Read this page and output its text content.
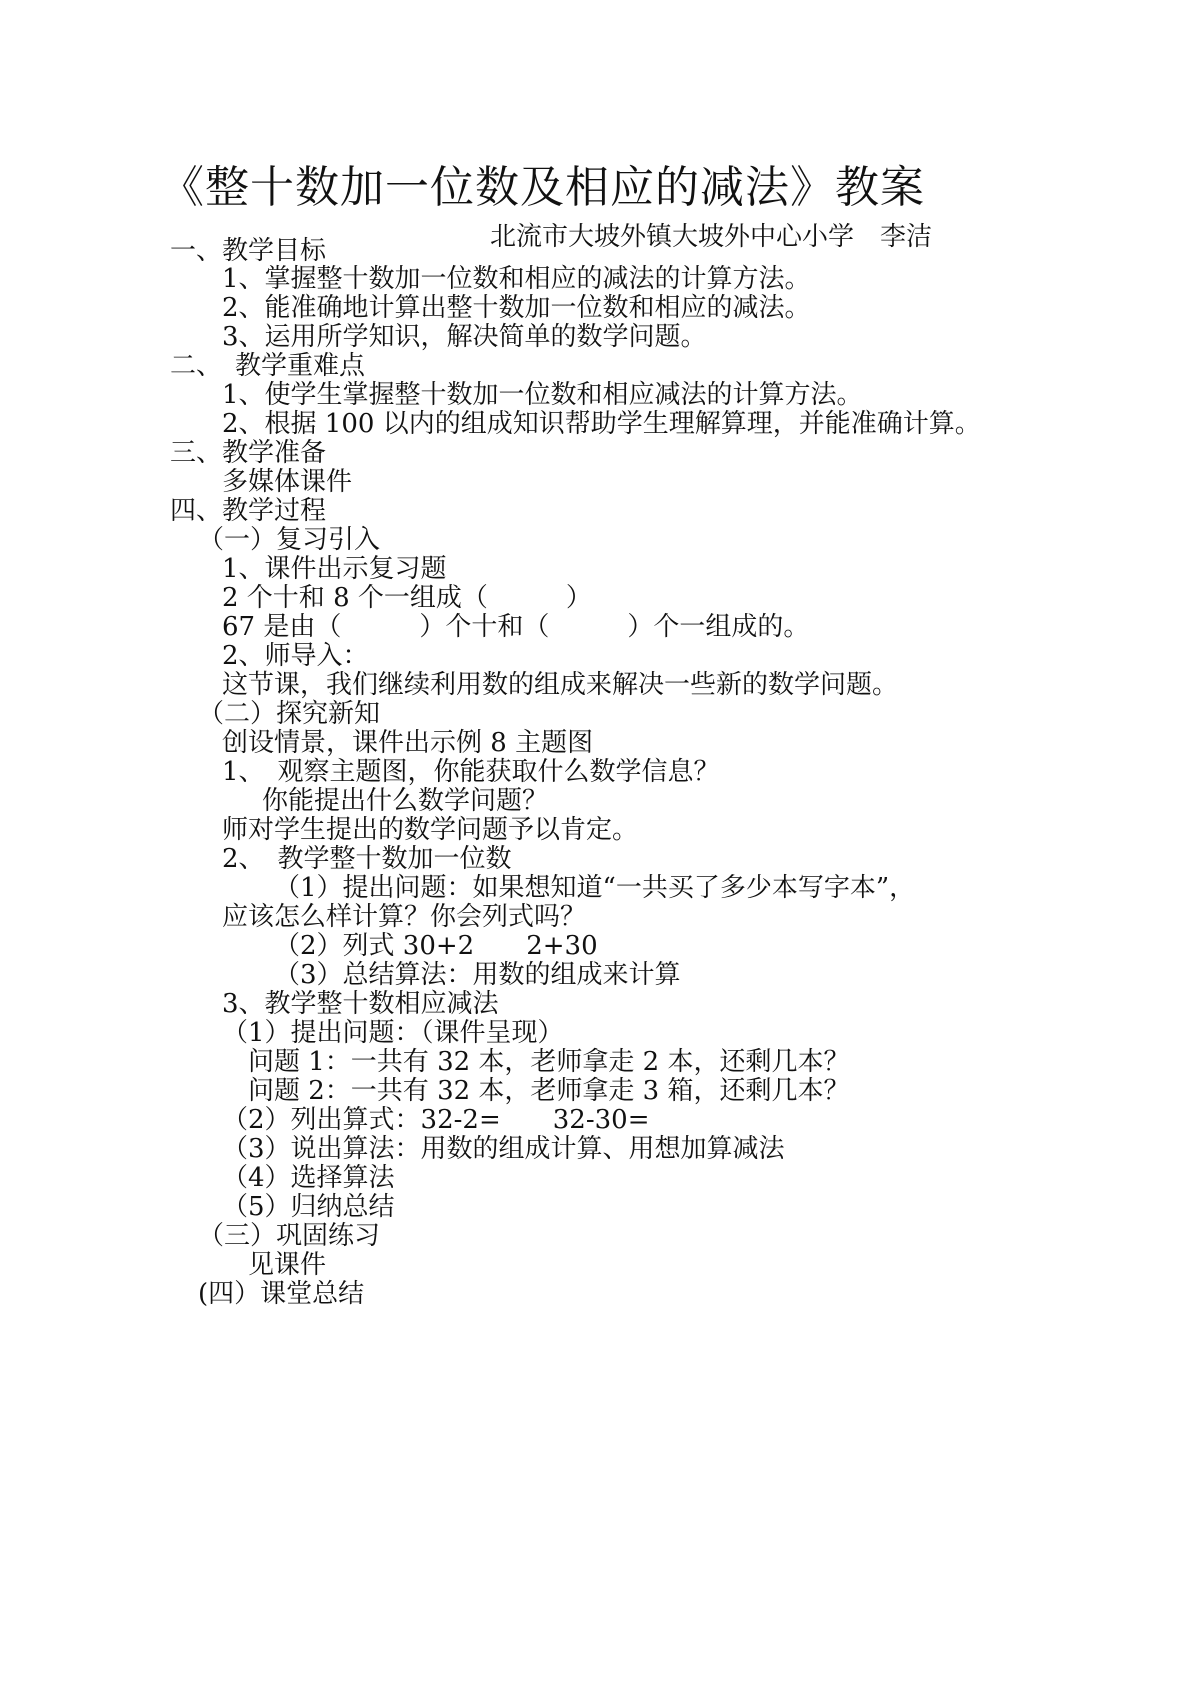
《整十数加一位数及相应的减法》教案
北流市大坡外镇大坡外中心小学　李洁
一、教学目标
1、掌握整十数加一位数和相应的减法的计算方法。
2、能准确地计算出整十数加一位数和相应的减法。
3、运用所学知识，解决简单的数学问题。
二、　教学重难点
1、使学生掌握整十数加一位数和相应减法的计算方法。
2、根据 100 以内的组成知识帮助学生理解算理，并能准确计算。
三、教学准备
多媒体课件
四、教学过程
（一）复习引入
1、课件出示复习题
2 个十和 8 个一组成（　　　）
67 是由（　　　）个十和（　　　）个一组成的。
2、师导入：
这节课，我们继续利用数的组成来解决一些新的数学问题。
（二）探究新知
创设情景，课件出示例 8 主题图
1、　观察主题图，你能获取什么数学信息？
你能提出什么数学问题？
师对学生提出的数学问题予以肯定。
2、　教学整十数加一位数
（1）提出问题：如果想知道“一共买了多少本写字本”，
应该怎么样计算？你会列式吗？
（2）列式 30+2　　2+30
（3）总结算法：用数的组成来计算
3、教学整十数相应减法
（1）提出问题：（课件呈现）
问题 1：一共有 32 本，老师拿走 2 本，还剩几本？
问题 2：一共有 32 本，老师拿走 3 箱，还剩几本？
（2）列出算式：32-2=　　32-30=
（3）说出算法：用数的组成计算、用想加算减法
（4）选择算法
（5）归纳总结
（三）巩固练习
见课件
(四）课堂总结
